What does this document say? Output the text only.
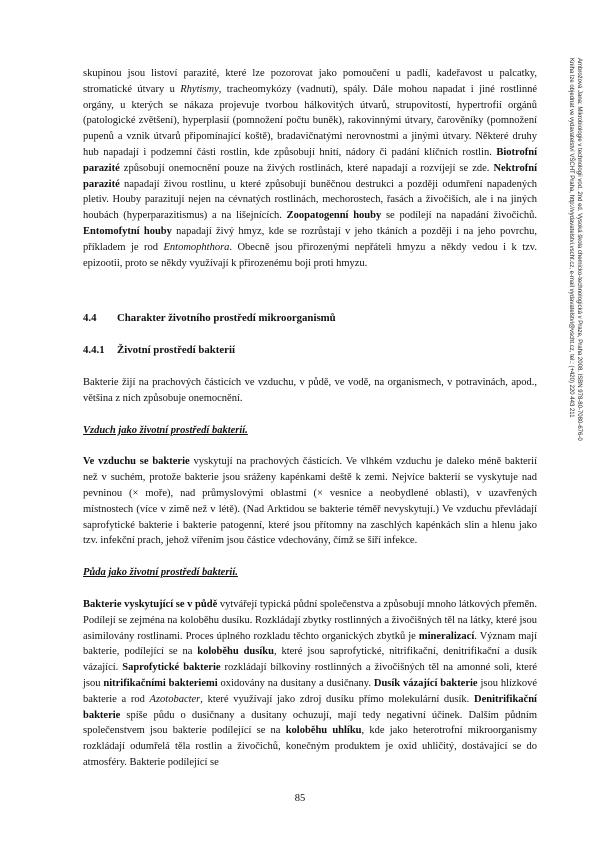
Ambrožová Jana: Mikrobiologie v technologii vod. 2nd ed. Vysoká škola chemicko-technologická v Praze, Praha 2008. ISBN 978-80-7080-676-0
Kniha lze objednat ve vydavatelství VŠCHT Praha, http://vydavatelstvi.vscht.cz, e-mail vydavatelstvi@vscht.cz, tel.: (+420) 220 443 211

skupinou jsou listoví parazité, které lze pozorovat jako pomoučení u padlí, kadeřavost u palcatky, stromatické útvary u Rhytismy, tracheomykózy (vadnutí), spály. Dále mohou napadat i jiné rostlinné orgány, u kterých se nákaza projevuje tvorbou hálkovitých útvarů, strupovitostí, hypertrofií orgánů (patologické zvětšení), hyperplasií (pomnožení počtu buněk), rakovinnými útvary, čarověníky (pomnožení pupenů a vznik útvarů připomínající koště), bradavičnatými nerovnostmi a jinými útvary. Některé druhy hub napadají i podzemní části rostlin, kde způsobují hnití, nádory či padání klíčních rostlin. Biotrofní parazité způsobují onemocnění pouze na živých rostlinách, které napadají a rozvíjejí se zde. Nektrofní parazité napadají živou rostlinu, u které způsobují buněčnou destrukci a později odumření napadených pletiv. Houby parazitují nejen na cévnatých rostlinách, mechorostech, řasách a živočiších, ale i na jiných houbách (hyperparazitismus) a na lišejnících. Zoopatogenní houby se podílejí na napadání živočichů. Entomofytní houby napadají živý hmyz, kde se rozrůstají v jeho tkáních a později i na jeho povrchu, příkladem je rod Entomophthora. Obecně jsou přirozenými nepřáteli hmyzu a někdy vedou i k tzv. epizootii, proto se někdy využívají k přirozenému boji proti hmyzu.

4.4 Charakter životního prostředí mikroorganismů
4.4.1 Životní prostředí bakterií

Bakterie žijí na prachových částicích ve vzduchu, v půdě, ve vodě, na organismech, v potravinách, apod., většina z nich způsobuje onemocnění.

Vzduch jako životní prostředí bakterií.

Ve vzduchu se bakterie vyskytují na prachových částicích. Ve vlhkém vzduchu je daleko méně bakterií než v suchém, protože bakterie jsou sráženy kapénkami deště k zemi. Nejvíce bakterií se vyskytuje nad pevninou (× moře), nad průmyslovými oblastmi (× vesnice a neobydlené oblasti), v uzavřených místnostech (více v zimě než v létě). (Nad Arktidou se bakterie téměř nevyskytují.) Ve vzduchu převládají saprofytické bakterie i bakterie patogenní, které jsou přítomny na zaschlých kapénkách slin a hlenu jako tzv. infekční prach, jehož vířením jsou částice vdechovány, čímž se šíří infekce.

Půda jako životní prostředí bakterií.

Bakterie vyskytující se v půdě vytvářejí typická půdní společenstva a způsobují mnoho látkových přeměn. Podílejí se zejména na koloběhu dusíku. Rozkládají zbytky rostlinných a živočišných těl na látky, které jsou asimilovány rostlinami. Proces úplného rozkladu těchto organických zbytků je mineralizací. Význam mají bakterie, podílející se na koloběhu dusíku, které jsou saprofytické, nitrifikační, denitrifikační a dusík vázající. Saprofytické bakterie rozkládají bílkoviny rostlinných a živočišných těl na amonné soli, které jsou nitrifikačními bakteriemi oxidovány na dusitany a dusičnany. Dusík vázající bakterie jsou hlízkové bakterie a rod Azotobacter, které využívají jako zdroj dusíku přímo molekulární dusík. Denitrifikační bakterie spíše půdu o dusičnany a dusitany ochuzují, mají tedy negativní účinek. Dalším půdním společenstvem jsou bakterie podílející se na koloběhu uhlíku, kde jako heterotrofní mikroorganismy rozkládají odumřelá těla rostlin a živočichů, konečným produktem je oxid uhličitý, dostávající se do atmosféry. Bakterie podílející se

85
